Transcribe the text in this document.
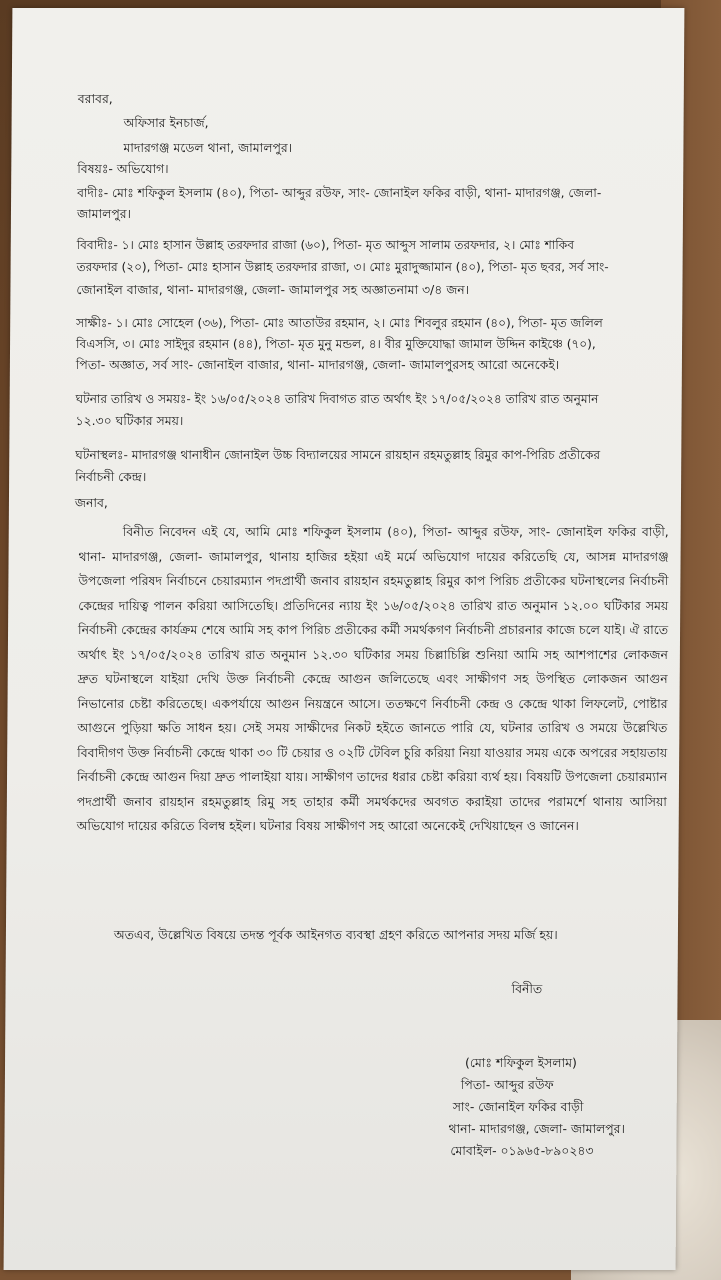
বরাবর,
অফিসার ইনচার্জ,
মাদারগঞ্জ মডেল থানা, জামালপুর।
বিষয়ঃ- অভিযোগ।
বাদীঃ- মোঃ শফিকুল ইসলাম (৪০), পিতা- আব্দুর রউফ, সাং- জোনাইল ফকির বাড়ী, থানা- মাদারগঞ্জ, জেলা-
জামালপুর।
বিবাদীঃ- ১। মোঃ হাসান উল্লাহ তরফদার রাজা (৬০), পিতা- মৃত আব্দুস সালাম তরফদার, ২। মোঃ শাকিব
তরফদার (২০), পিতা- মোঃ হাসান উল্লাহ তরফদার রাজা, ৩। মোঃ মুরাদুজ্জামান (৪০), পিতা- মৃত ছবর, সর্ব সাং-
জোনাইল বাজার, থানা- মাদারগঞ্জ, জেলা- জামালপুর সহ অজ্ঞাতনামা ৩/৪ জন।
সাক্ষীঃ- ১। মোঃ সোহেল (৩৬), পিতা- মোঃ আতাউর রহমান, ২। মোঃ শিবলুর রহমান (৪০), পিতা- মৃত জলিল
বিএসসি, ৩। মোঃ সাইদুর রহমান (৪৪), পিতা- মৃত মুনু মন্ডল, ৪। বীর মুক্তিযোদ্ধা জামাল উদ্দিন কাইঞ্চে (৭০),
পিতা- অজ্ঞাত, সর্ব সাং- জোনাইল বাজার, থানা- মাদারগঞ্জ, জেলা- জামালপুরসহ আরো অনেকেই।
ঘটনার তারিখ ও সময়ঃ- ইং ১৬/০৫/২০২৪ তারিখ দিবাগত রাত অর্থাৎ ইং ১৭/০৫/২০২৪ তারিখ রাত অনুমান
১২.৩০ ঘটিকার সময়।
ঘটনাস্থলঃ- মাদারগঞ্জ থানাধীন জোনাইল উচ্চ বিদ্যালয়ের সামনে রায়হান রহমতুল্লাহ রিমুর কাপ-পিরিচ প্রতীকের
নির্বাচনী কেন্দ্র।
জনাব,
বিনীত নিবেদন এই যে, আমি মোঃ শফিকুল ইসলাম (৪০), পিতা- আব্দুর রউফ, সাং- জোনাইল ফকির বাড়ী, থানা- মাদারগঞ্জ, জেলা- জামালপুর, থানায় হাজির হইয়া এই মর্মে অভিযোগ দায়ের করিতেছি যে, আসন্ন মাদারগঞ্জ উপজেলা পরিষদ নির্বাচনে চেয়ারম্যান পদপ্রার্থী জনাব রায়হান রহমতুল্লাহ রিমুর কাপ পিরিচ প্রতীকের ঘটনাস্থলের নির্বাচনী কেন্দ্রের দায়িত্ব পালন করিয়া আসিতেছি। প্রতিদিনের ন্যায় ইং ১৬/০৫/২০২৪ তারিখ রাত অনুমান ১২.০০ ঘটিকার সময় নির্বাচনী কেন্দ্রের কার্যক্রম শেষে আমি সহ কাপ পিরিচ প্রতীকের কর্মী সমর্থকগণ নির্বাচনী প্রচারনার কাজে চলে যাই। ঐ রাতে অর্থাৎ ইং ১৭/০৫/২০২৪ তারিখ রাত অনুমান ১২.৩০ ঘটিকার সময় চিল্লাচিল্লি শুনিয়া আমি সহ আশপাশের লোকজন দ্রুত ঘটনাস্থলে যাইয়া দেখি উক্ত নির্বাচনী কেন্দ্রে আগুন জলিতেছে এবং সাক্ষীগণ সহ উপস্থিত লোকজন আগুন নিভানোর চেষ্টা করিতেছে। একপর্যায়ে আগুন নিয়ন্ত্রনে আসে। ততক্ষণে নির্বাচনী কেন্দ্র ও কেন্দ্রে থাকা লিফলেট, পোষ্টার আগুনে পুড়িয়া ক্ষতি সাধন হয়। সেই সময় সাক্ষীদের নিকট হইতে জানতে পারি যে, ঘটনার তারিখ ও সময়ে উল্লেখিত বিবাদীগণ উক্ত নির্বাচনী কেন্দ্রে থাকা ৩০ টি চেয়ার ও ০২টি টেবিল চুরি করিয়া নিয়া যাওয়ার সময় একে অপরের সহায়তায় নির্বাচনী কেন্দ্রে আগুন দিয়া দ্রুত পালাইয়া যায়। সাক্ষীগণ তাদের ধরার চেষ্টা করিয়া ব্যর্থ হয়। বিষয়টি উপজেলা চেয়ারম্যান পদপ্রার্থী জনাব রায়হান রহমতুল্লাহ রিমু সহ তাহার কর্মী সমর্থকদের অবগত করাইয়া তাদের পরামর্শে থানায় আসিয়া অভিযোগ দায়ের করিতে বিলম্ব হইল। ঘটনার বিষয় সাক্ষীগণ সহ আরো অনেকেই দেখিয়াছেন ও জানেন।
অতএব, উল্লেখিত বিষয়ে তদন্ত পূর্বক আইনগত ব্যবস্থা গ্রহণ করিতে আপনার সদয় মর্জি হয়।
বিনীত
(মোঃ শফিকুল ইসলাম)
পিতা- আব্দুর রউফ
সাং- জোনাইল ফকির বাড়ী
থানা- মাদারগঞ্জ, জেলা- জামালপুর।
মোবাইল- ০১৯৬৫-৮৯০২৪৩
